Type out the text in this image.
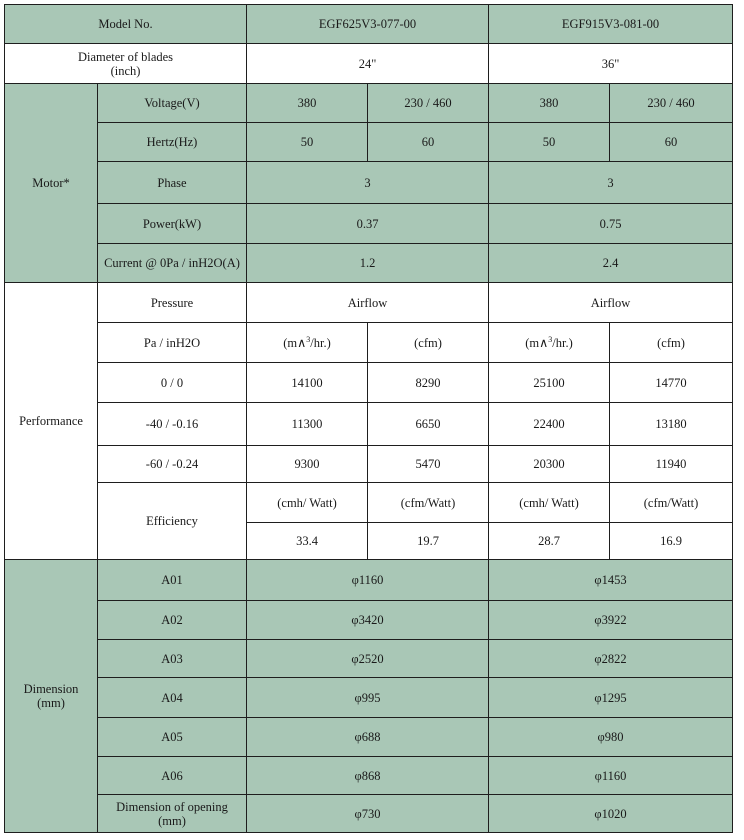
Model No.		EGF625V3-077-00		EGF915V3-081-00	
Diameter of blades
(inch)		24"		36"	
Motor*	Voltage(V)	380	230 / 460	380	230 / 460
	Hertz(Hz)	50	60	50	60
	Phase	3		3	
	Power(kW)	0.37		0.75	
	Current @ 0Pa / inH2O(A)	1.2		2.4	
Performance	Pressure	Airflow		Airflow	
	Pa / inH2O	(m∧$^3$/hr.)	(cfm)	(m∧$^3$/hr.)	(cfm)
	0 / 0	14100	8290	25100	14770
	-40 / -0.16	11300	6650	22400	13180
	-60 / -0.24	9300	5470	20300	11940
	Efficiency	(cmh/ Watt)	(cfm/Watt)	(cmh/ Watt)	(cfm/Watt)
		33.4	19.7	28.7	16.9
Dimension
(mm)	A01	φ1160		φ1453	
	A02	φ3420		φ3922	
	A03	φ2520		φ2822	
	A04	φ995		φ1295	
	A05	φ688		φ980	
	A06	φ868		φ1160	
	Dimension of opening
(mm)	φ730		φ1020	
